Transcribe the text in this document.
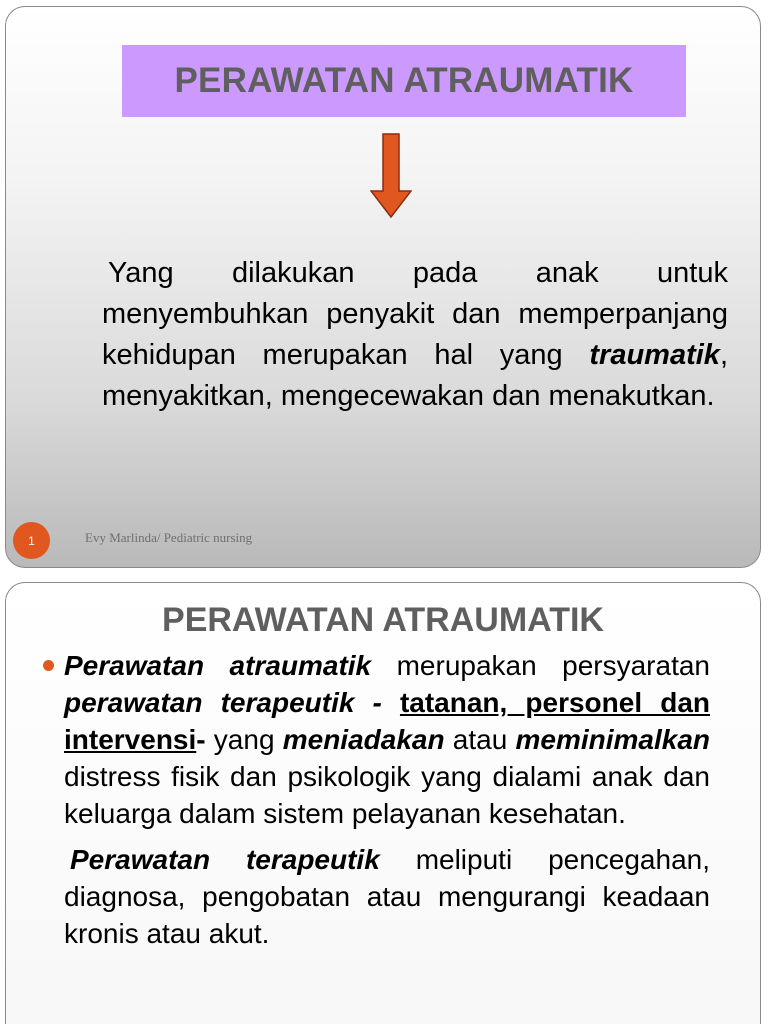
PERAWATAN ATRAUMATIK
Yang dilakukan pada anak untuk menyembuhkan penyakit dan memperpanjang kehidupan merupakan hal yang traumatik, menyakitkan, mengecewakan dan menakutkan.
1	Evy Marlinda/ Pediatric nursing
PERAWATAN ATRAUMATIK
Perawatan atraumatik merupakan persyaratan perawatan terapeutik - tatanan, personel dan intervensi- yang meniadakan atau meminimalkan distress fisik dan psikologik yang dialami anak dan keluarga dalam sistem pelayanan kesehatan.
Perawatan terapeutik meliputi pencegahan, diagnosa, pengobatan atau mengurangi keadaan kronis atau akut.
